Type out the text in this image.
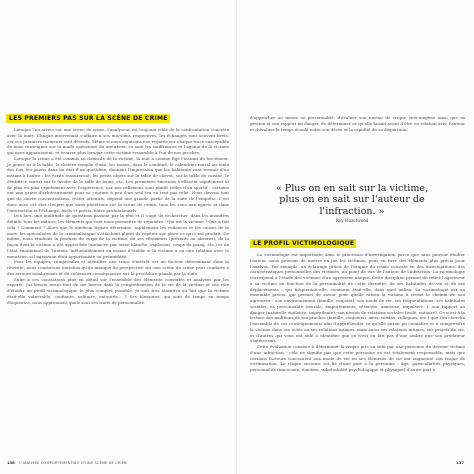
LES PREMIERS PAS SUR LA SCÈNE DE CRIME

Lorsque l'on arrive sur une scène de crime, l'analyseur est toujours ciblé de la confrontation concrète avec la mort. Chaque intervenant s'affaire à ses mis-sions respectives, les échanges sont souvent brefs, car ces premiers moments sont décisifs. Même si nous aiguisons nos regards sur chaque trace susceptible de nous renseigner sur le mode opératoire du meurtrier, ce sont les souffrances et l'agonie de la victime qui nous apparaissent, et trouver plus lorsque cette victime ressemble à l'un de nos proches.

Lorsque le crime a été commis au domicile de la victime, la nuit a comme figé l'instant du forcément. Je pense ici à la table, la théière remplie d'eau, les tasses, dans le combiné, le calendrier mural au texte des fois, les jouets dans un état d'un quotidien, donnant l'impression que les habitants vont revenir d'un instant à l'autre : les écrits rassureront, les petits objets sur la table de chevet, sur la table de cuisine, le dentifrice ouvert sur le lavabo de la salle de bains, etc. Les premières émotions s'effacent rapidement et de plus en plus rapidement avec l'expérience, car nos réflexions sont plutôt celles d'un sportif : certains ont une grave d'arbitrairement pour sa couture à peu d'un seul jeu en tout pas relié. Nous devons tout que de suivre concentrations, rester attentifs, dépend une grande partie de la suite de l'enquête. C'est donc avec cet état d'esprit que nous pénétrons sur la scène de crime, tous les sens aux aguets et dans l'interaction et l'échange, ferils et précis, entre professionnels.

Dès lors, une multitude de questions passent par la tête et il s'agit de rechercher, dans les moindres détails, tous les indices, les éléments qui vont nous permettre de répondre : Qui est la victime ? Que a fait cela ? Comment ? Alors que le médecin légiste détermine, rapidement les violences et les causes de la mort, les spécialistes de la criminalistique s'attachent plutôt de repérer sur place ce qui s'est produit. De même, nous étudions la position du corps de la victime, de ses vêtements (présents ou absents), de la façon dont la victime a été approchée (menacée par arme blanche, explosion, coups de poing, etc.) et de l'état émotionnel de l'auteur. Inéluctablement on essaie d'établir si la victime a eu une relation avec le meurtrier, si l'agression était opportuniste ou préméditée.

Pour les équipes, comprendre et identifier une trace d'intérêt est un facteur déterminant dans la réussite, nous constatons toutefois qu'un manque de perspective sur une scène de crime peut conduire à des erreurs nombreuses et de coûteuses conséquences sur la procédure pénale par la suite.

Suite à ces constations plus en détail sur l'ensemble des éléments constatés et analysés par les experts, j'ai besoin avant tout de me lancer dans la compréhension de la vie de la victime et son rôle d'établir un profil victimologique le plus complet possible. Je suis très attentive au fait que la victime était-elle vulnérable, confiante, solitaire, entourée... ? Ses blessures, qui sont de temps en temps éloquentes, nous apprennent quels sont ses traits de personnalité.

136 L'ANALYSE COMPORTEMENTALE D'UNE SCÈNE DE CRIME	137

d'approcher au mieux sa personnalité, d'évaluer son niveau de risque victi-mogène ainsi que sa gestion et son rapport au danger, de déterminer ce qu'elle faisait avant d'être en relation avec l'auteur et d'évaluer le temps écoulé entre son décès et la rapidité de sa disparition.

« Plus on en sait sur la victime, plus on en sait sur l'auteur de l'infraction. »
Roy Hazelwood
LE PROFIL VICTIMOLOGIQUE

La victimologie est importante dans le processus d'investigation parce que sans pouvoir étudier l'auteur, nous pouvons de mettre en jeu les victimes, pour en tirer des éléments plus précis pour l'analyse. Par exemple, un éclairage précis de l'origine du crime consiste en des investigations, des caractéristiques personnelles des victimes, au point de vue de l'auteur de l'infraction. La victimologie correspond à l'étude des victimes d'un agresseur unique. Cette discipline permet de relier l'agresseur à sa victime en fonction de la personnalité de cette dernière, de ses habitudes de vie et de ses déplacements : qui fréquentait-elle, comment était-elle, dans quel milieu. La victimologie est un ensemble précis, qui permet de savoir pour quelle raison la victime a croisé le chemin de son agresseur : son environnement (famille, conjoint), son mode de vie, ses fréquentations, ses habitudes sociales, sa personnalité (morale, emportements, réservée, anxieuse, impulsive...), son rapport au danger (naturelle vigilance, imprudente), son niveau de relations sociales (isolé, entouré). Ce n'est à la lecture des auditions de ses proches (famille, conjoints), amis, voisins, collègues, etc.) que l'on chercha l'ensemble de ces renseignements afin d'appréhender ce qu'elle aurait pu connaître et à comprendre la victime dans ses actes ou ses relations intimes, mais aussi ses relations intimes, ses projets de vie, et d'autres qui vous ont aidé à identifier que ce n'est en fait pas d'une ombre que son prédateur s'intéressait.

Cette évaluation consiste à déterminer la risque pris ou subi par une personne de devenir victime d'une infraction : cela ne signifie pas que cette personne en est totalement responsable, mais que certains facteurs concourent aux mode de vie ou ses éléments de vie ont augmenté son risque de victimisation. Le risque encouru est lié d'une part à la personne : âge, particularités physiques, personnalité (innocente, émotive, vulnérabilité psychologique et physique) d'autre part à
